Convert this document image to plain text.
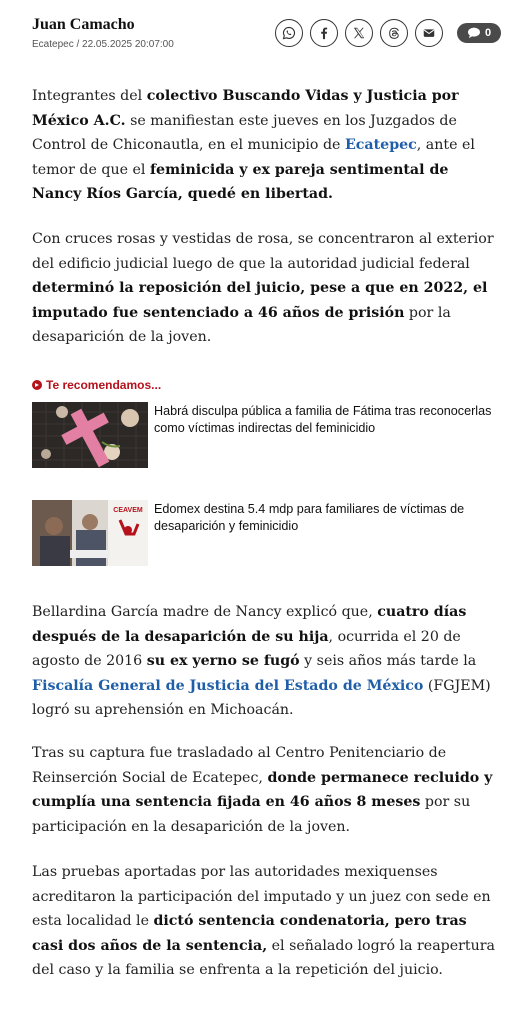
Juan Camacho
Ecatepec / 22.05.2025 20:07:00
0

Integrantes del colectivo Buscando Vidas y Justicia por México A.C. se manifiestan este jueves en los Juzgados de Control de Chiconautla, en el municipio de Ecatepec, ante el temor de que el feminicida y ex pareja sentimental de Nancy Ríos García, quedé en libertad.

Con cruces rosas y vestidas de rosa, se concentraron al exterior del edificio judicial luego de que la autoridad judicial federal determinó la reposición del juicio, pese a que en 2022, el imputado fue sentenciado a 46 años de prisión por la desaparición de la joven.

Te recomendamos...
Habrá disculpa pública a familia de Fátima tras reconocerlas como víctimas indirectas del feminicidio
CEAVEM Edomex destina 5.4 mdp para familiares de víctimas de desaparición y feminicidio

Bellardina García madre de Nancy explicó que, cuatro días después de la desaparición de su hija, ocurrida el 20 de agosto de 2016 su ex yerno se fugó y seis años más tarde la Fiscalía General de Justicia del Estado de México (FGJEM) logró su aprehensión en Michoacán.

Tras su captura fue trasladado al Centro Penitenciario de Reinserción Social de Ecatepec, donde permanece recluido y cumplía una sentencia fijada en 46 años 8 meses por su participación en la desaparición de la joven.

Las pruebas aportadas por las autoridades mexiquenses acreditaron la participación del imputado y un juez con sede en esta localidad le dictó sentencia condenatoria, pero tras casi dos años de la sentencia, el señalado logró la reapertura del caso y la familia se enfrenta a la repetición del juicio.
